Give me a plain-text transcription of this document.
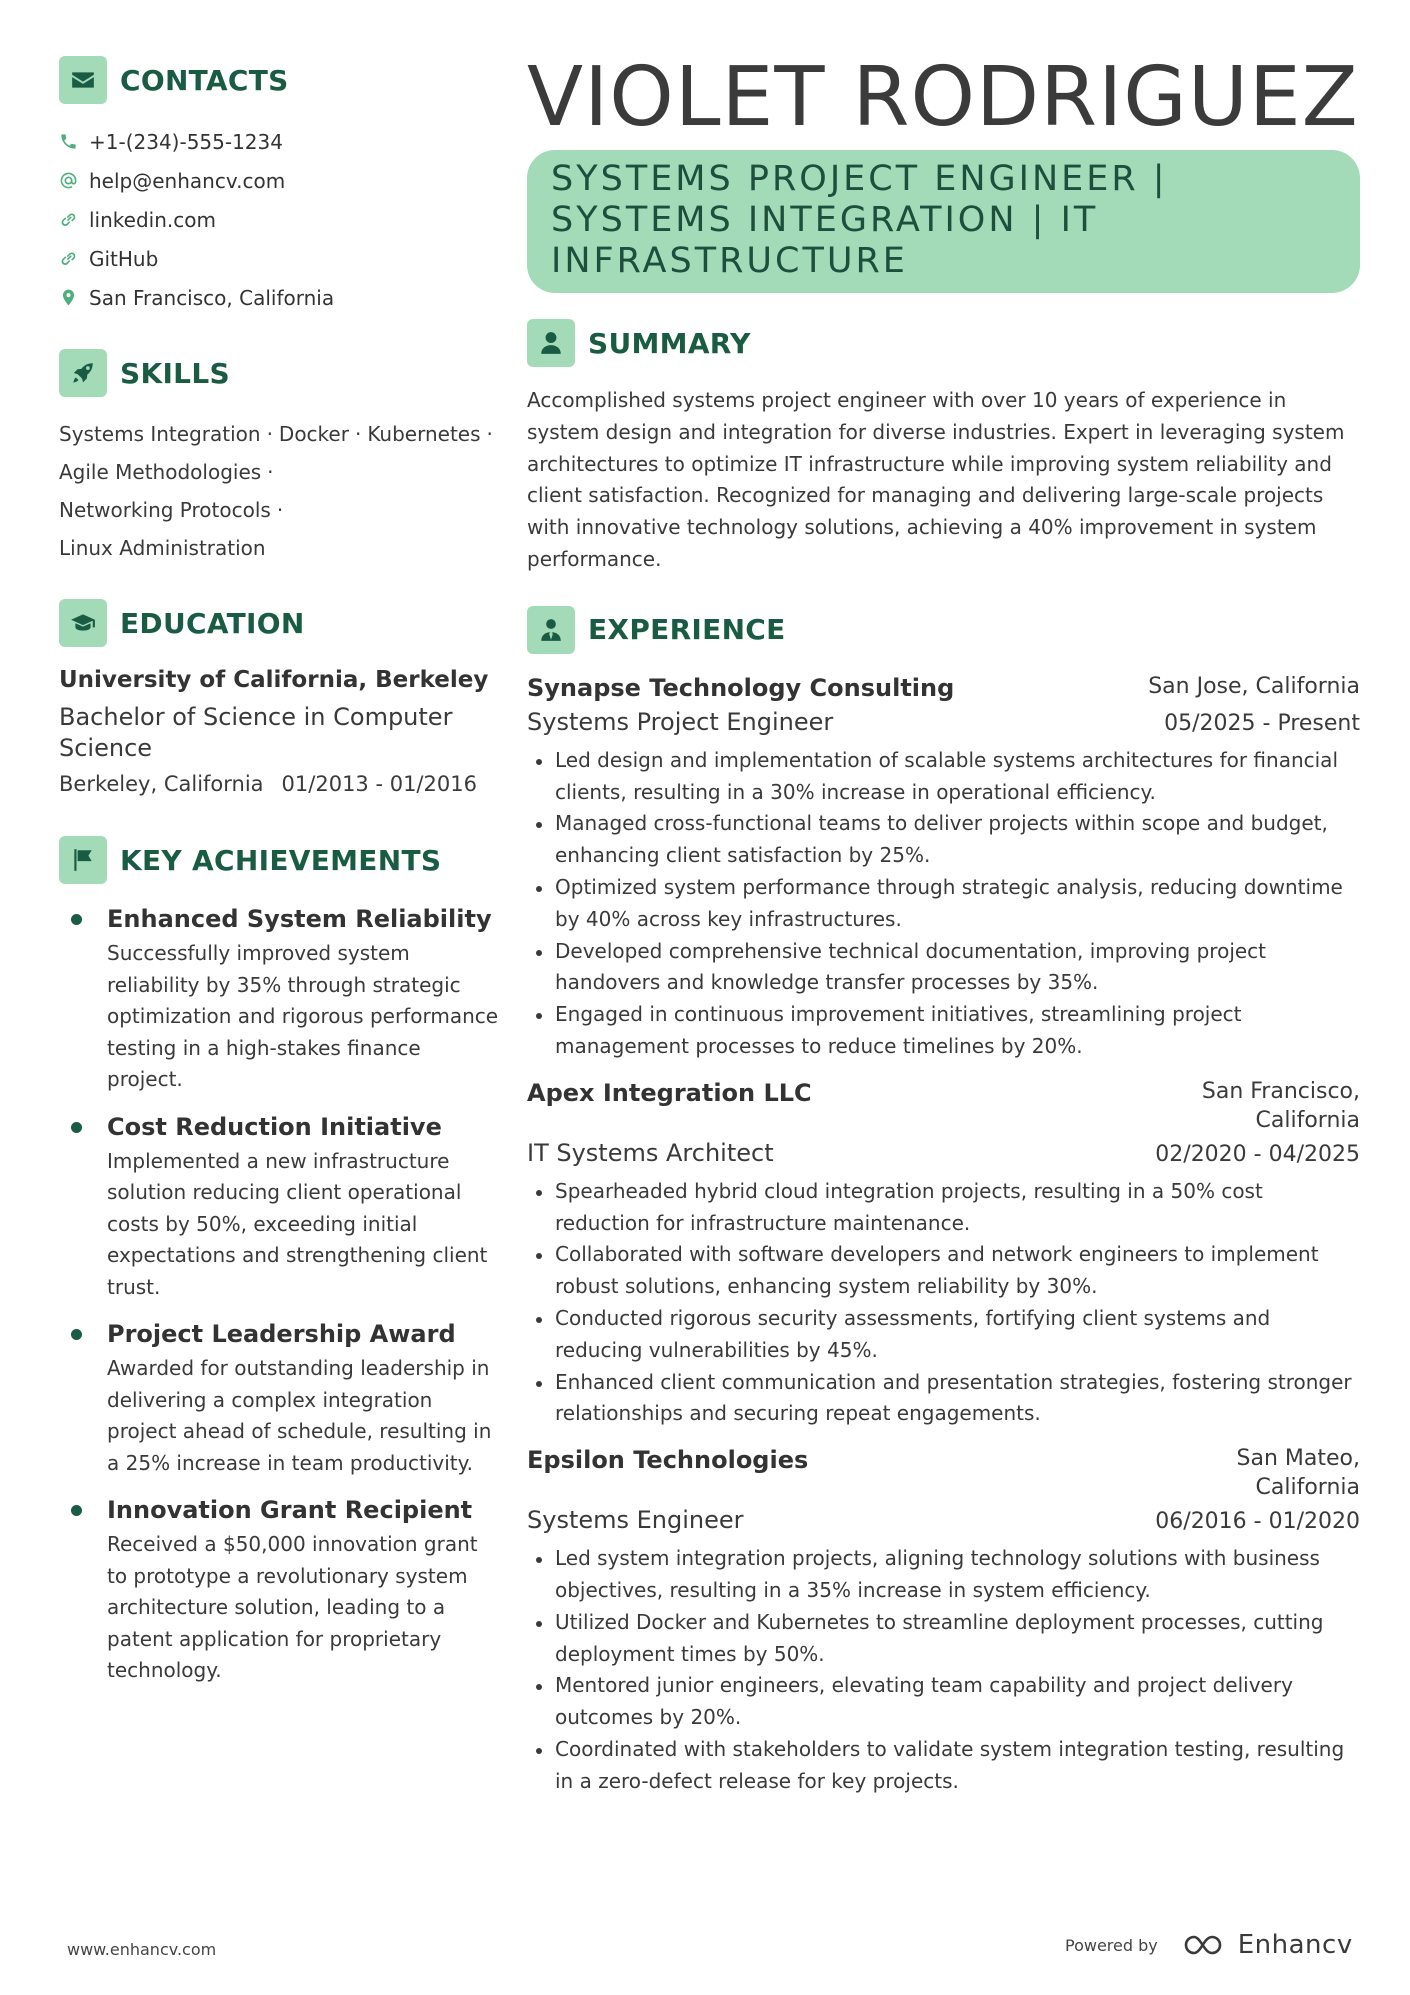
CONTACTS
+1-(234)-555-1234
help@enhancv.com
linkedin.com
GitHub
San Francisco, California
SKILLS
Systems Integration · Docker · Kubernetes ·
Agile Methodologies ·
Networking Protocols ·
Linux Administration
EDUCATION
University of California, Berkeley
Bachelor of Science in Computer Science
Berkeley, California 01/2013 - 01/2016
KEY ACHIEVEMENTS
Enhanced System Reliability
Successfully improved system reliability by 35% through strategic optimization and rigorous performance testing in a high-stakes finance project.
Cost Reduction Initiative
Implemented a new infrastructure solution reducing client operational costs by 50%, exceeding initial expectations and strengthening client trust.
Project Leadership Award
Awarded for outstanding leadership in delivering a complex integration project ahead of schedule, resulting in a 25% increase in team productivity.
Innovation Grant Recipient
Received a $50,000 innovation grant to prototype a revolutionary system architecture solution, leading to a patent application for proprietary technology.
VIOLET RODRIGUEZ
SYSTEMS PROJECT ENGINEER | SYSTEMS INTEGRATION | IT INFRASTRUCTURE
SUMMARY
Accomplished systems project engineer with over 10 years of experience in system design and integration for diverse industries. Expert in leveraging system architectures to optimize IT infrastructure while improving system reliability and client satisfaction. Recognized for managing and delivering large-scale projects with innovative technology solutions, achieving a 40% improvement in system performance.
EXPERIENCE
Synapse Technology Consulting	San Jose, California
Systems Project Engineer	05/2025 - Present
Led design and implementation of scalable systems architectures for financial clients, resulting in a 30% increase in operational efficiency.
Managed cross-functional teams to deliver projects within scope and budget, enhancing client satisfaction by 25%.
Optimized system performance through strategic analysis, reducing downtime by 40% across key infrastructures.
Developed comprehensive technical documentation, improving project handovers and knowledge transfer processes by 35%.
Engaged in continuous improvement initiatives, streamlining project management processes to reduce timelines by 20%.
Apex Integration LLC	San Francisco, California
IT Systems Architect	02/2020 - 04/2025
Spearheaded hybrid cloud integration projects, resulting in a 50% cost reduction for infrastructure maintenance.
Collaborated with software developers and network engineers to implement robust solutions, enhancing system reliability by 30%.
Conducted rigorous security assessments, fortifying client systems and reducing vulnerabilities by 45%.
Enhanced client communication and presentation strategies, fostering stronger relationships and securing repeat engagements.
Epsilon Technologies	San Mateo, California
Systems Engineer	06/2016 - 01/2020
Led system integration projects, aligning technology solutions with business objectives, resulting in a 35% increase in system efficiency.
Utilized Docker and Kubernetes to streamline deployment processes, cutting deployment times by 50%.
Mentored junior engineers, elevating team capability and project delivery outcomes by 20%.
Coordinated with stakeholders to validate system integration testing, resulting in a zero-defect release for key projects.
www.enhancv.com	Powered by	Enhancv
